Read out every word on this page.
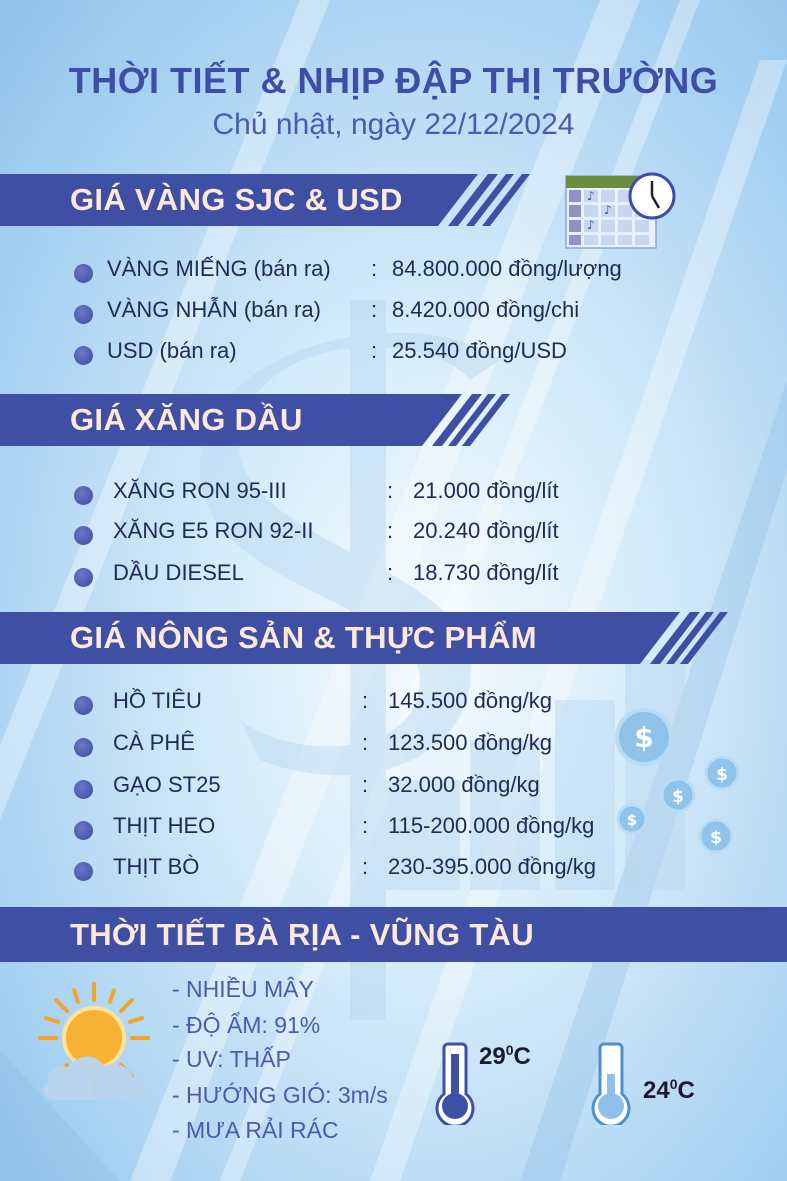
THỜI TIẾT & NHỊP ĐẬP THỊ TRƯỜNG
Chủ nhật, ngày 22/12/2024
♪
♪
♪
GIÁ VÀNG SJC & USD
VÀNG MIẾNG (bán ra) : 84.800.000 đồng/lượng
VÀNG NHẪN (bán ra) : 8.420.000 đồng/chi
USD (bán ra)	: 25.540 đồng/USD
GIÁ XĂNG DẦU
XĂNG RON 95-III	: 21.000 đồng/lít
XĂNG E5 RON 92-II	: 20.240 đồng/lít
DẦU DIESEL	: 18.730 đồng/lít
GIÁ NÔNG SẢN & THỰC PHẨM
HỒ TIÊU	: 145.500 đồng/kg
CÀ PHÊ	: 123.500 đồng/kg
GẠO ST25	: 32.000 đồng/kg
THỊT HEO	: 115-200.000 đồng/kg
THỊT BÒ	: 230-395.000 đồng/kg
$
$
$
$
$
THỜI TIẾT BÀ RỊA - VŨNG TÀU
- NHIỀU MÂY
- ĐỘ ẨM: 91%
- UV: THẤP
- HƯỚNG GIÓ: 3m/s
- MƯA RẢI RÁC
$29^0C$
$24^0C$
